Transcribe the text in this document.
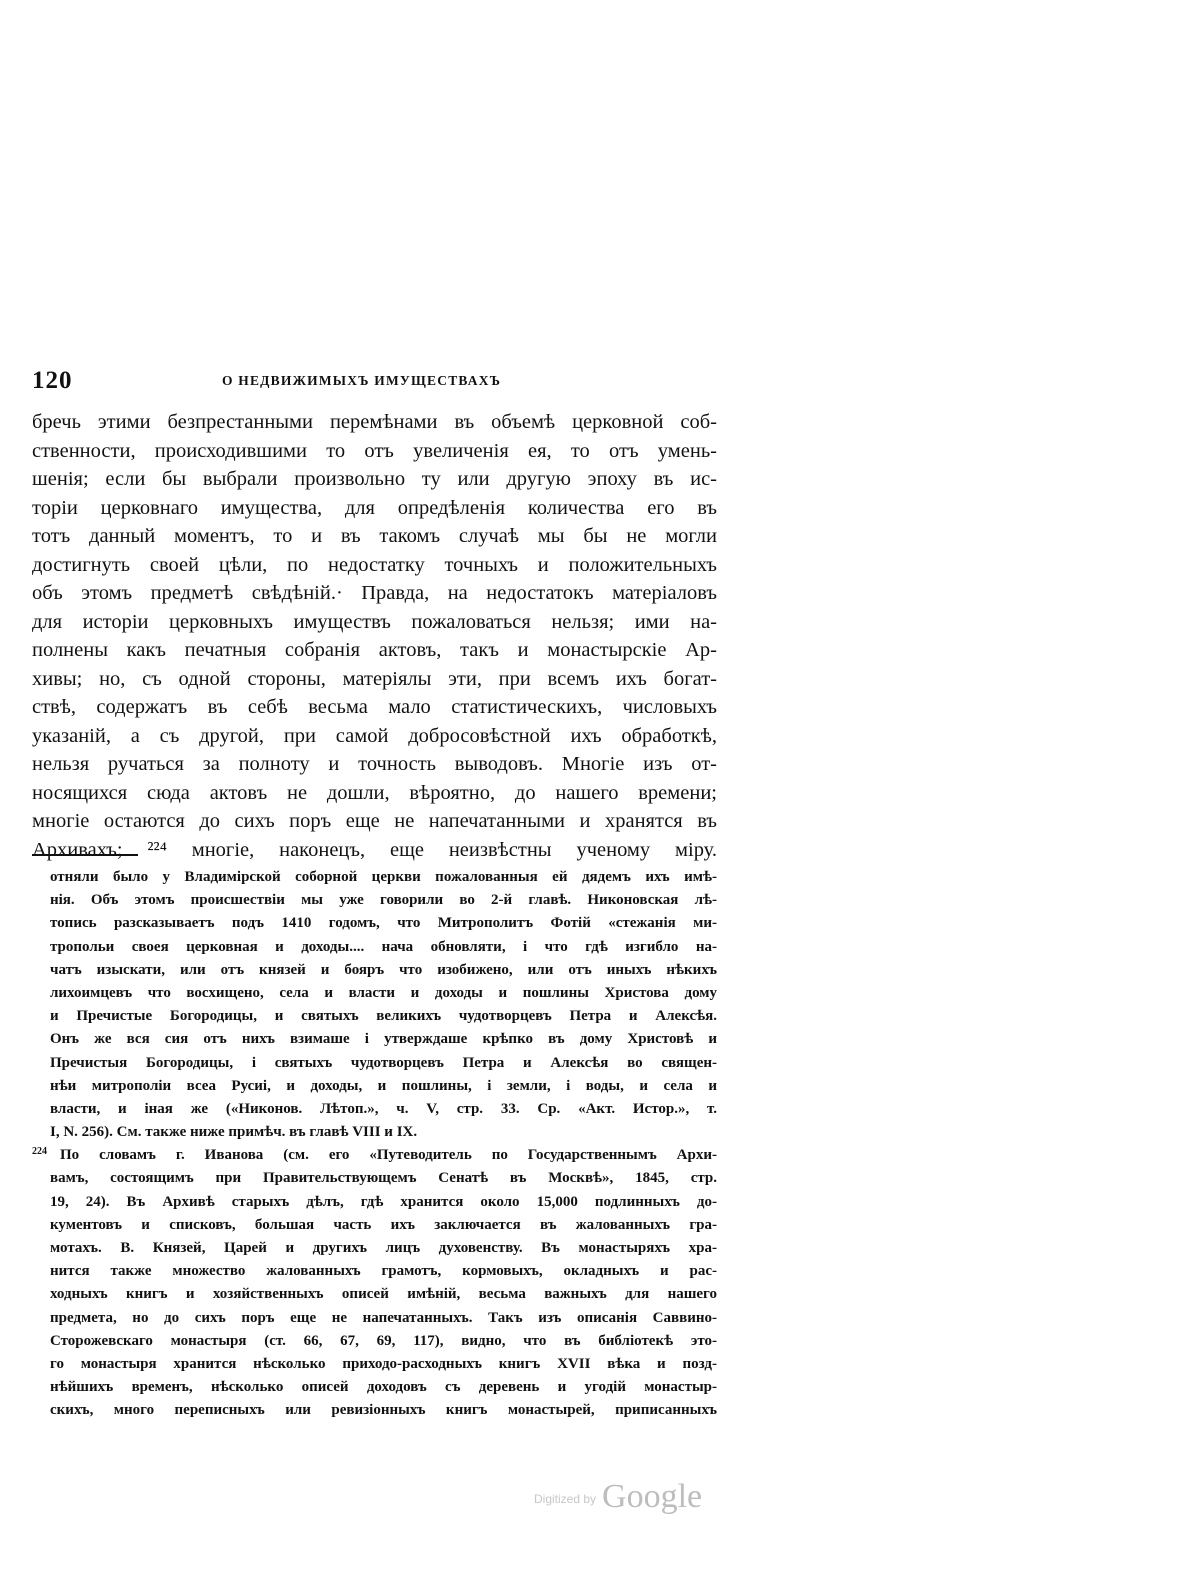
120	О НЕДВИЖИМЫХЪ ИМУЩЕСТВАХЪ
бречь этими безпрестанными перемѣнами въ объемѣ церковной соб-
ственности, происходившими то отъ увеличенія ея, то отъ умень-
шенія; если бы выбрали произвольно ту или другую эпоху въ ис-
торіи церковнаго имущества, для опредѣленія количества его въ
тотъ данный моментъ, то и въ такомъ случаѣ мы бы не могли
достигнуть своей цѣли, по недостатку точныхъ и положительныхъ
объ этомъ предметѣ свѣдѣній.· Правда, на недостатокъ матеріаловъ
для исторіи церковныхъ имуществъ пожаловаться нельзя; ими на-
полнены какъ печатныя собранія актовъ, такъ и монастырскіе Ар-
хивы; но, съ одной стороны, матеріялы эти, при всемъ ихъ богат-
ствѣ, содержатъ въ себѣ весьма мало статистическихъ, числовыхъ
указаній, а съ другой, при самой добросовѣстной ихъ обработкѣ,
нельзя ручаться за полноту и точность выводовъ. Многіе изъ от-
носящихся сюда актовъ не дошли, вѣроятно, до нашего времени;
многіе остаются до сихъ поръ еще не напечатанными и хранятся въ
Архивахъ; ²²⁴ многіе, наконецъ, еще неизвѣстны ученому міру.
отняли было у Владимірской соборной церкви пожалованныя ей дядемъ ихъ имѣ-
нія. Объ этомъ происшествіи мы уже говорили во 2-й главѣ. Никоновская лѣ-
топись разсказываетъ подъ 1410 годомъ, что Митрополитъ Фотій «стежанія ми-
тропольи своея церковная и доходы.... нача обновляти, і что гдѣ изгибло на-
чатъ изыскати, или отъ князей и бояръ что изобижено, или отъ иныхъ нѣкихъ
лихоимцевъ что восхищено, села и власти и доходы и пошлины Христова дому
и Пречистые Богородицы, и святыхъ великихъ чудотворцевъ Петра и Алексѣя.
Онъ же вся сия отъ нихъ взимаше і утверждаше крѣпко въ дому Христовѣ и
Пречистыя Богородицы, і святыхъ чудотворцевъ Петра и Алексѣя во священ-
нѣи митрополіи всеа Русиі, и доходы, и пошлины, і земли, і воды, и села и
власти, и іная же («Никонов. Лѣтоп.», ч. V, стр. 33. Ср. «Акт. Истор.», т.
I, N. 256). См. также ниже примѣч. въ главѣ VIII и IX.
224 По словамъ г. Иванова (см. его «Путеводитель по Государственнымъ Архи-
вамъ, состоящимъ при Правительствующемъ Сенатѣ въ Москвѣ», 1845, стр.
19, 24). Въ Архивѣ старыхъ дѣлъ, гдѣ хранится около 15,000 подлинныхъ до-
кументовъ и списковъ, большая часть ихъ заключается въ жалованныхъ гра-
мотахъ. В. Князей, Царей и другихъ лицъ духовенству. Въ монастыряхъ хра-
нится также множество жалованныхъ грамотъ, кормовыхъ, окладныхъ и рас-
ходныхъ книгъ и хозяйственныхъ описей имѣній, весьма важныхъ для нашего
предмета, но до сихъ поръ еще не напечатанныхъ. Такъ изъ описанія Саввино-
Сторожевскаго монастыря (ст. 66, 67, 69, 117), видно, что въ библіотекѣ это-
го монастыря хранится нѣсколько приходо-расходныхъ книгъ XVII вѣка и позд-
нѣйшихъ временъ, нѣсколько описей доходовъ съ деревень и угодій монастыр-
скихъ, много переписныхъ или ревизіонныхъ книгъ монастырей, приписанныхъ
Digitized by Google
